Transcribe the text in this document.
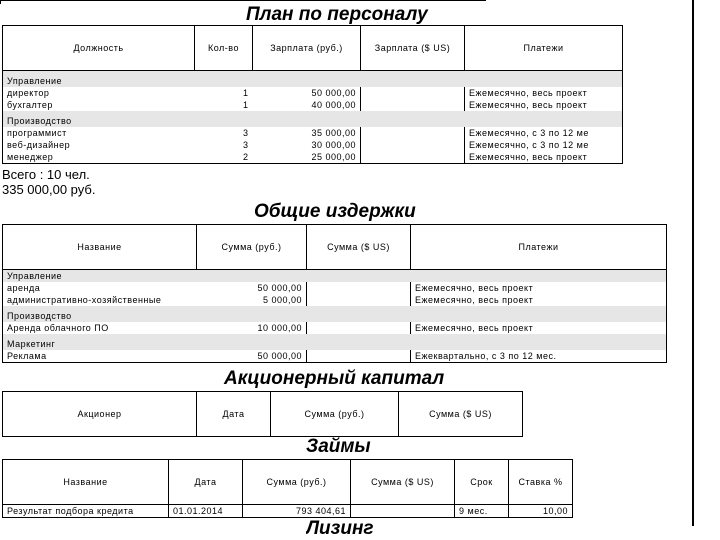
План по персоналу
Должность	Кол-во	Зарплата (руб.)	Зарплата ($ US)	Платежи

Управление				
директор	1	50 000,00		Ежемесячно, весь проект
бухгалтер	1	40 000,00		Ежемесячно, весь проект

Производство				
программист	3	35 000,00		Ежемесячно, с 3 по 12 ме
веб-дизайнер	3	30 000,00		Ежемесячно, с 3 по 12 ме
менеджер	2	25 000,00		Ежемесячно, весь проект
Всего : 10 чел.
335 000,00 руб.
Общие издержки
Название	Сумма (руб.)	Сумма ($ US)	Платежи
Управление			
аренда	50 000,00		Ежемесячно, весь проект
административно-хозяйственные	5 000,00		Ежемесячно, весь проект

Производство			
Аренда облачного ПО	10 000,00		Ежемесячно, весь проект

Маркетинг			
Реклама	50 000,00		Ежеквартально, с 3 по 12 мес.
Акционерный капитал
Акционер	Дата	Сумма (руб.)	Сумма ($ US)
Займы
Название	Дата	Сумма (руб.)	Сумма ($ US)	Срок	Ставка %
Результат подбора кредита	01.01.2014	793 404,61		9 мес.	10,00
Лизинг
